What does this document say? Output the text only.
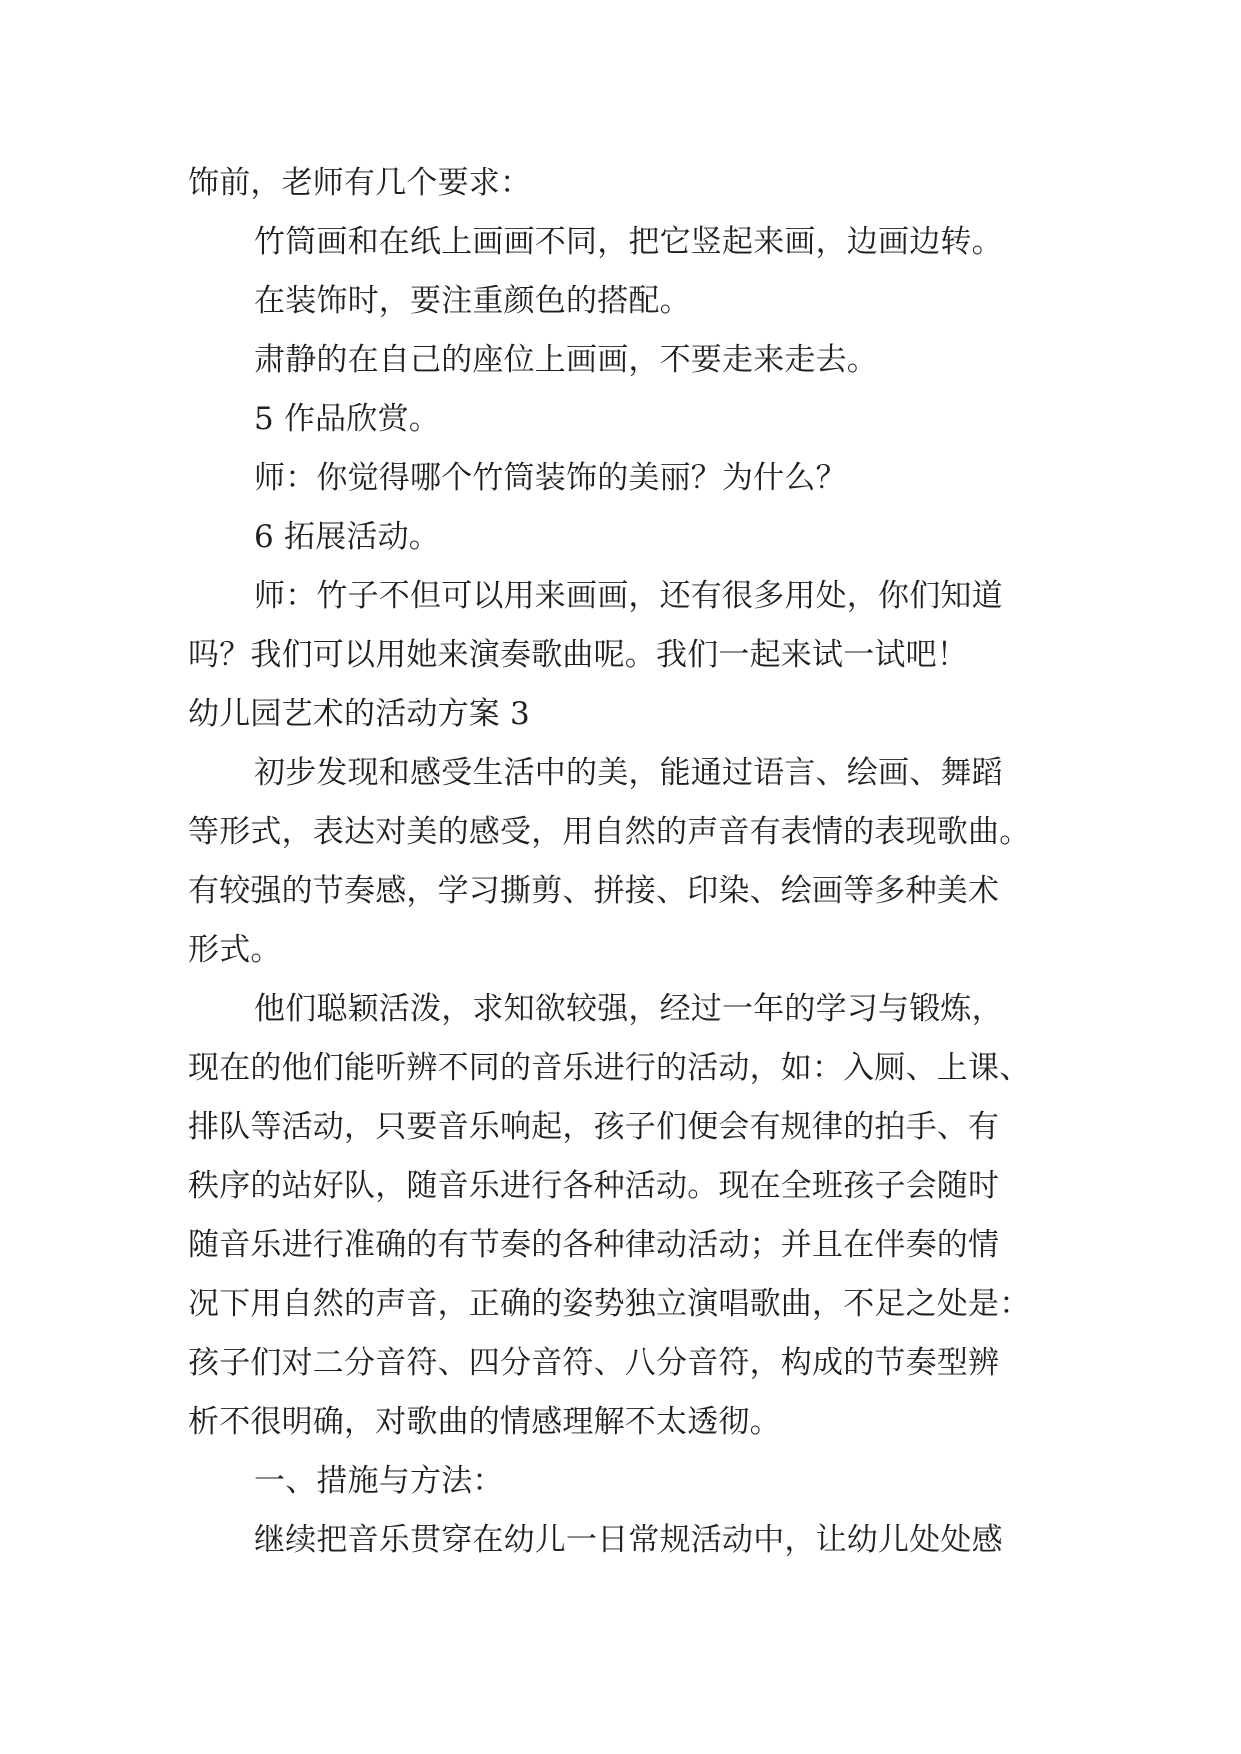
饰前，老师有几个要求：
竹筒画和在纸上画画不同，把它竖起来画，边画边转。
在装饰时，要注重颜色的搭配。
肃静的在自己的座位上画画，不要走来走去。
5 作品欣赏。
师：你觉得哪个竹筒装饰的美丽？为什么？
6 拓展活动。
师：竹子不但可以用来画画，还有很多用处，你们知道
吗？我们可以用她来演奏歌曲呢。我们一起来试一试吧！
幼儿园艺术的活动方案 3
初步发现和感受生活中的美，能通过语言、绘画、舞蹈
等形式，表达对美的感受，用自然的声音有表情的表现歌曲。
有较强的节奏感，学习撕剪、拼接、印染、绘画等多种美术
形式。
他们聪颖活泼，求知欲较强，经过一年的学习与锻炼，
现在的他们能听辨不同的音乐进行的活动，如：入厕、上课、
排队等活动，只要音乐响起，孩子们便会有规律的拍手、有
秩序的站好队，随音乐进行各种活动。现在全班孩子会随时
随音乐进行准确的有节奏的各种律动活动；并且在伴奏的情
况下用自然的声音，正确的姿势独立演唱歌曲，不足之处是：
孩子们对二分音符、四分音符、八分音符，构成的节奏型辨
析不很明确，对歌曲的情感理解不太透彻。
一、措施与方法：
继续把音乐贯穿在幼儿一日常规活动中，让幼儿处处感
